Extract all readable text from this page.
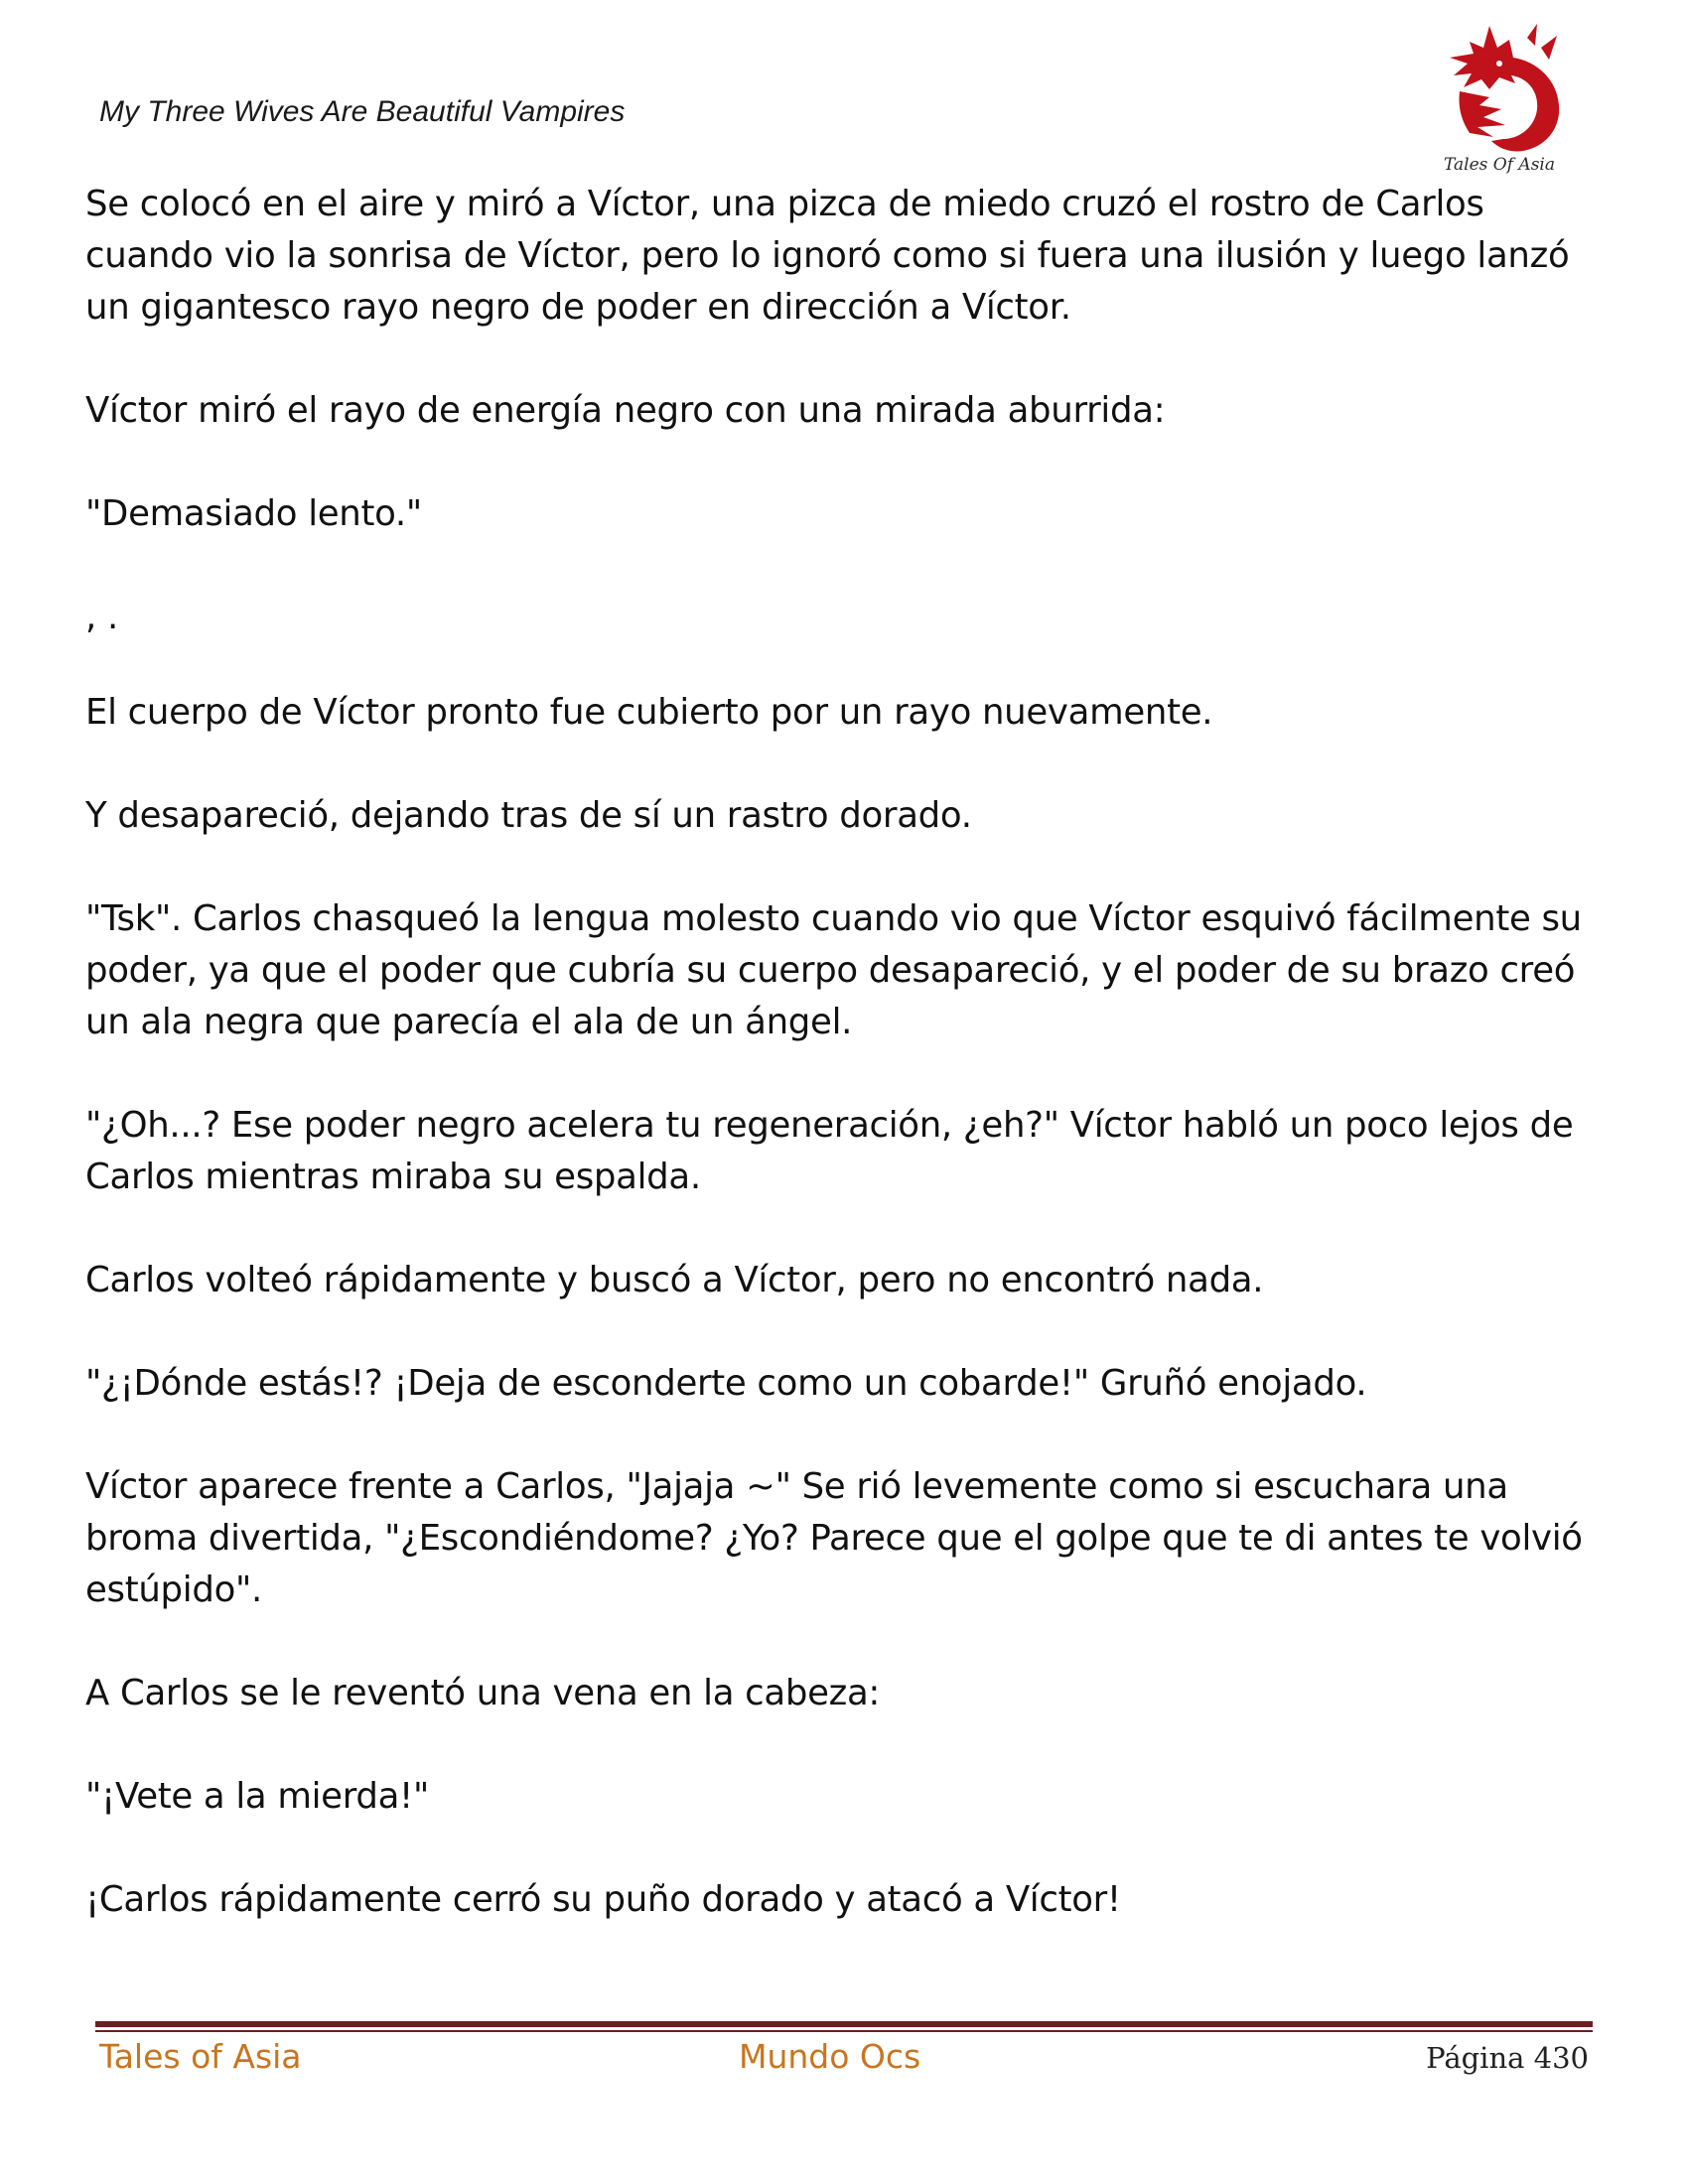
My Three Wives Are Beautiful Vampires
Tales Of Asia

Se colocó en el aire y miró a Víctor, una pizca de miedo cruzó el rostro de Carlos cuando vio la sonrisa de Víctor, pero lo ignoró como si fuera una ilusión y luego lanzó un gigantesco rayo negro de poder en dirección a Víctor.

Víctor miró el rayo de energía negro con una mirada aburrida:

"Demasiado lento."

, .

El cuerpo de Víctor pronto fue cubierto por un rayo nuevamente.

Y desapareció, dejando tras de sí un rastro dorado.

"Tsk". Carlos chasqueó la lengua molesto cuando vio que Víctor esquivó fácilmente su poder, ya que el poder que cubría su cuerpo desapareció, y el poder de su brazo creó un ala negra que parecía el ala de un ángel.

"¿Oh...? Ese poder negro acelera tu regeneración, ¿eh?" Víctor habló un poco lejos de Carlos mientras miraba su espalda.

Carlos volteó rápidamente y buscó a Víctor, pero no encontró nada.

"¿¡Dónde estás!? ¡Deja de esconderte como un cobarde!" Gruñó enojado.

Víctor aparece frente a Carlos, "Jajaja ~" Se rió levemente como si escuchara una broma divertida, "¿Escondiéndome? ¿Yo? Parece que el golpe que te di antes te volvió estúpido".

A Carlos se le reventó una vena en la cabeza:

"¡Vete a la mierda!"

¡Carlos rápidamente cerró su puño dorado y atacó a Víctor!

Tales of Asia	Mundo Ocs	Página 430
